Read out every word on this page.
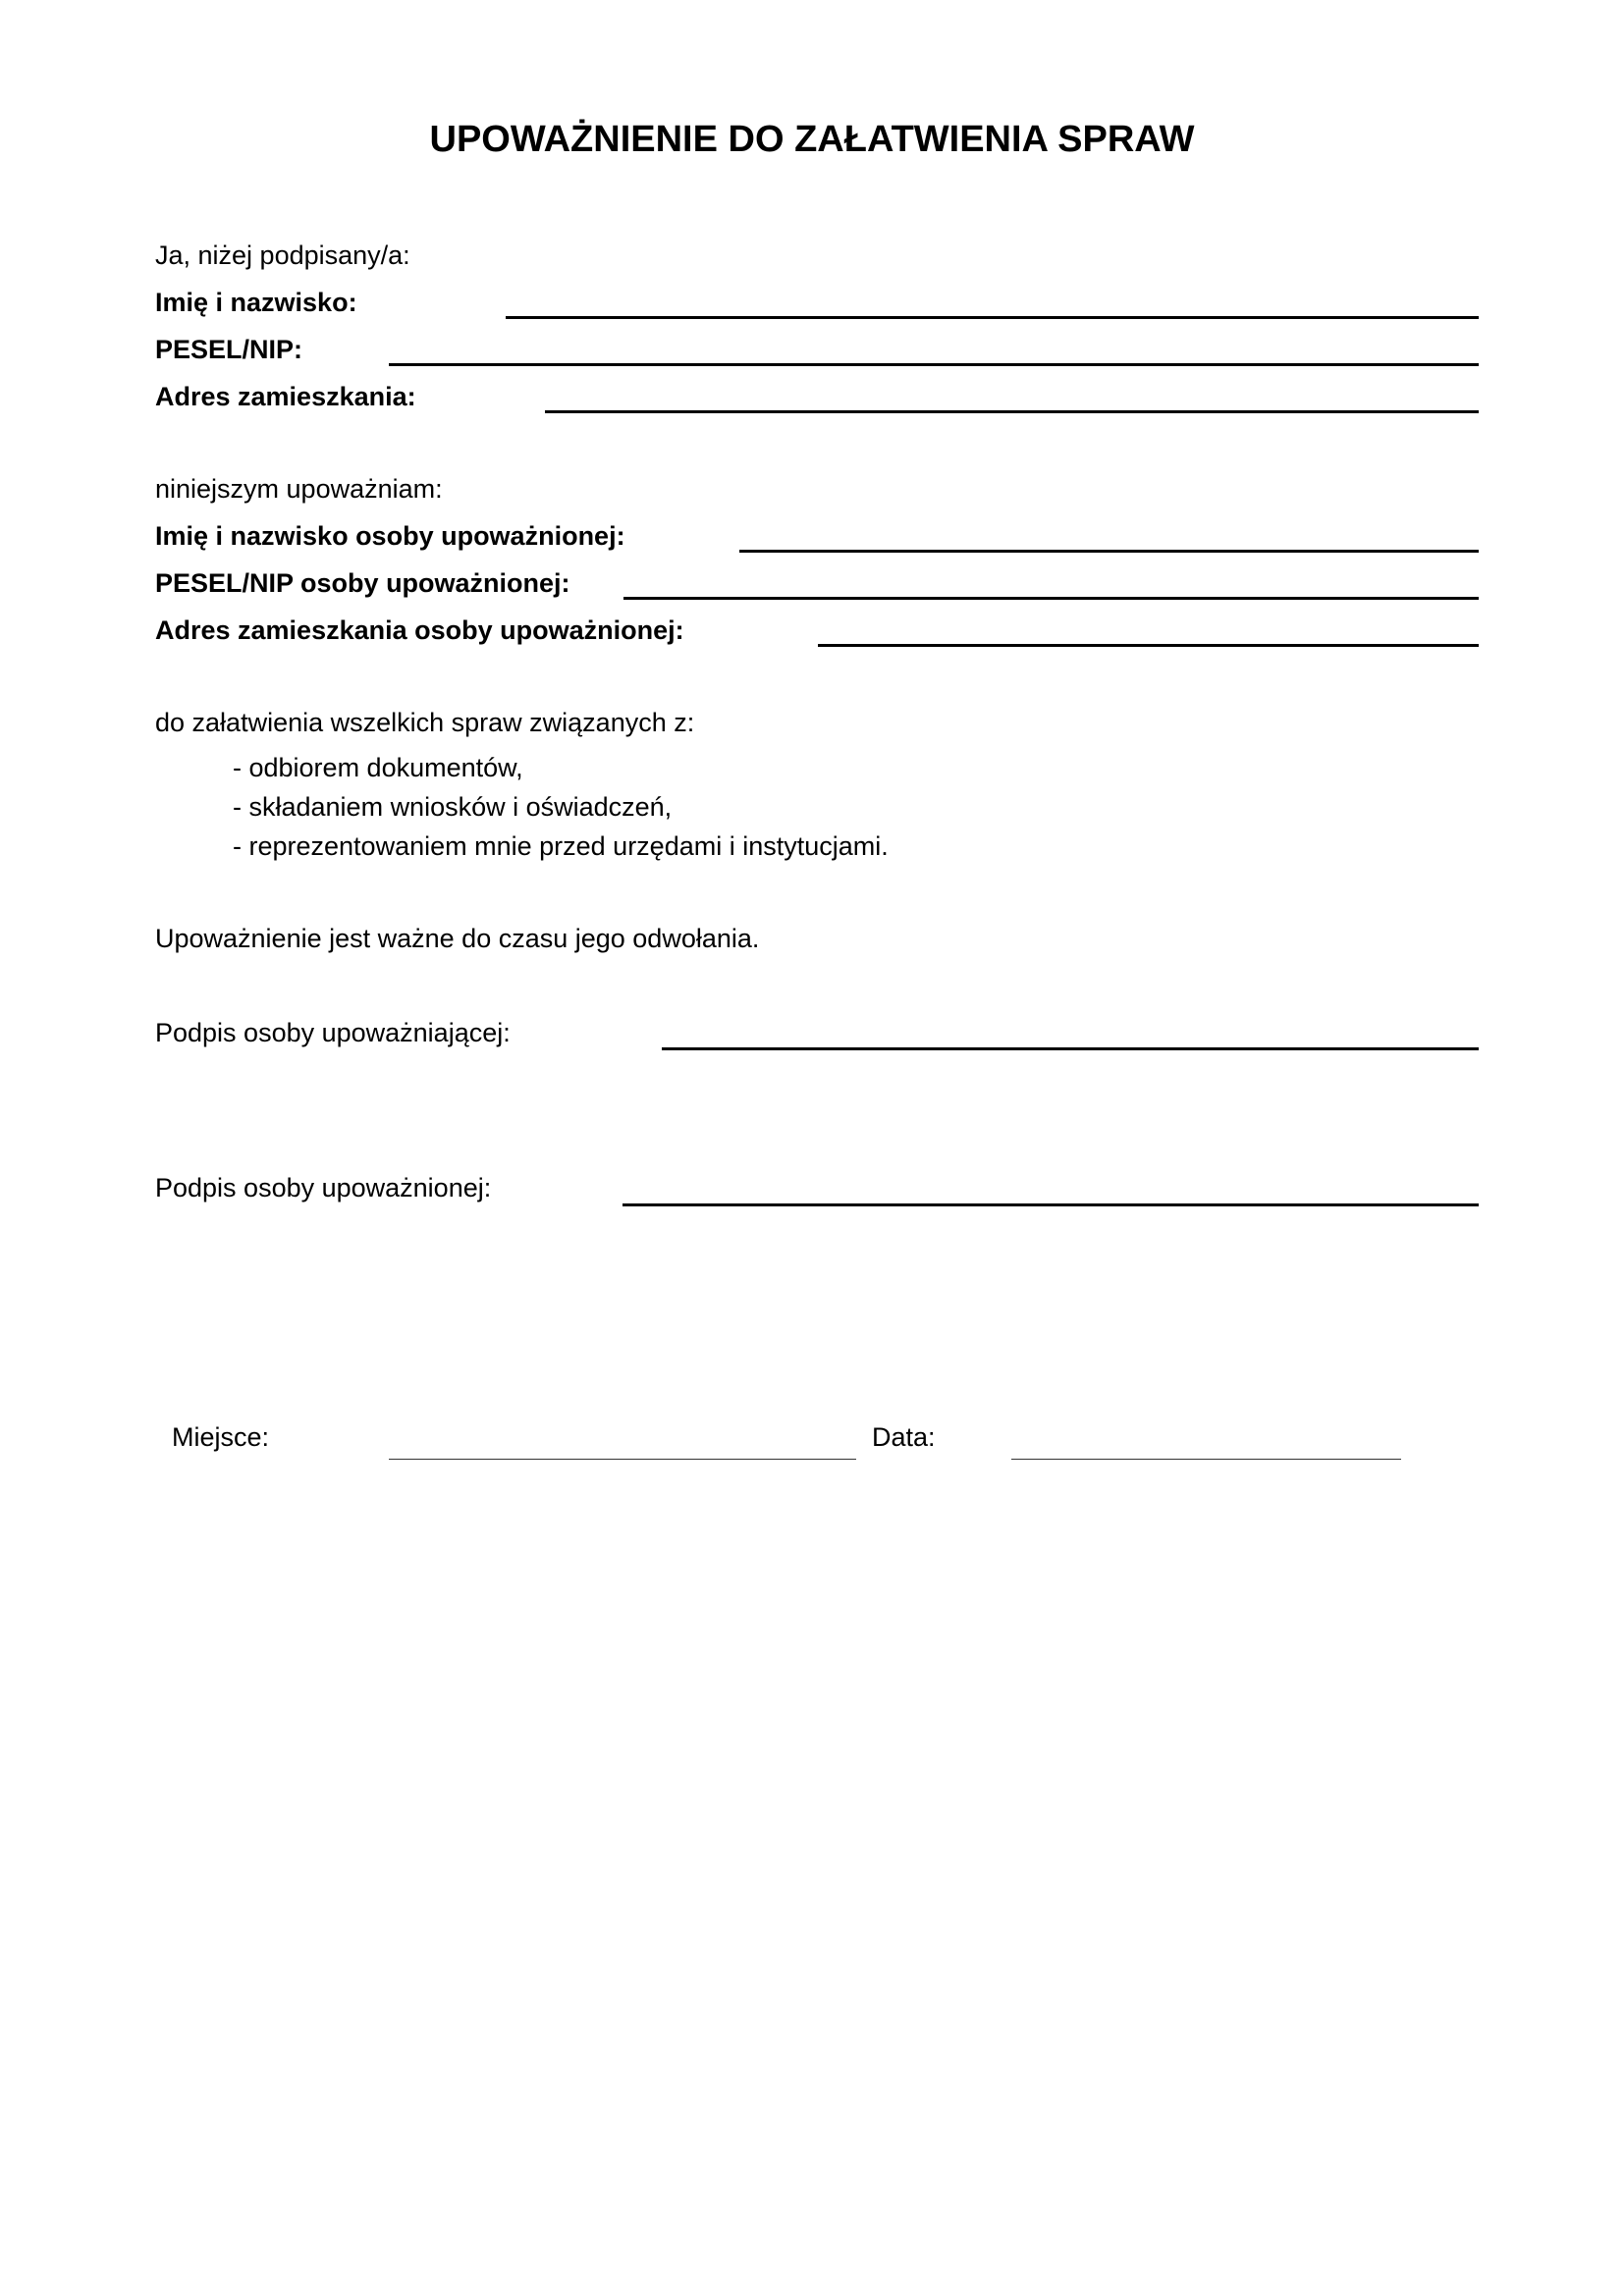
UPOWAŻNIENIE DO ZAŁATWIENIA SPRAW
Ja, niżej podpisany/a:
Imię i nazwisko:
PESEL/NIP:
Adres zamieszkania:
niniejszym upoważniam:
Imię i nazwisko osoby upoważnionej:
PESEL/NIP osoby upoważnionej:
Adres zamieszkania osoby upoważnionej:
do załatwienia wszelkich spraw związanych z:
- odbiorem dokumentów,
- składaniem wniosków i oświadczeń,
- reprezentowaniem mnie przed urzędami i instytucjami.
Upoważnienie jest ważne do czasu jego odwołania.
Podpis osoby upoważniającej:
Podpis osoby upoważnionej:
Miejsce:	Data:
